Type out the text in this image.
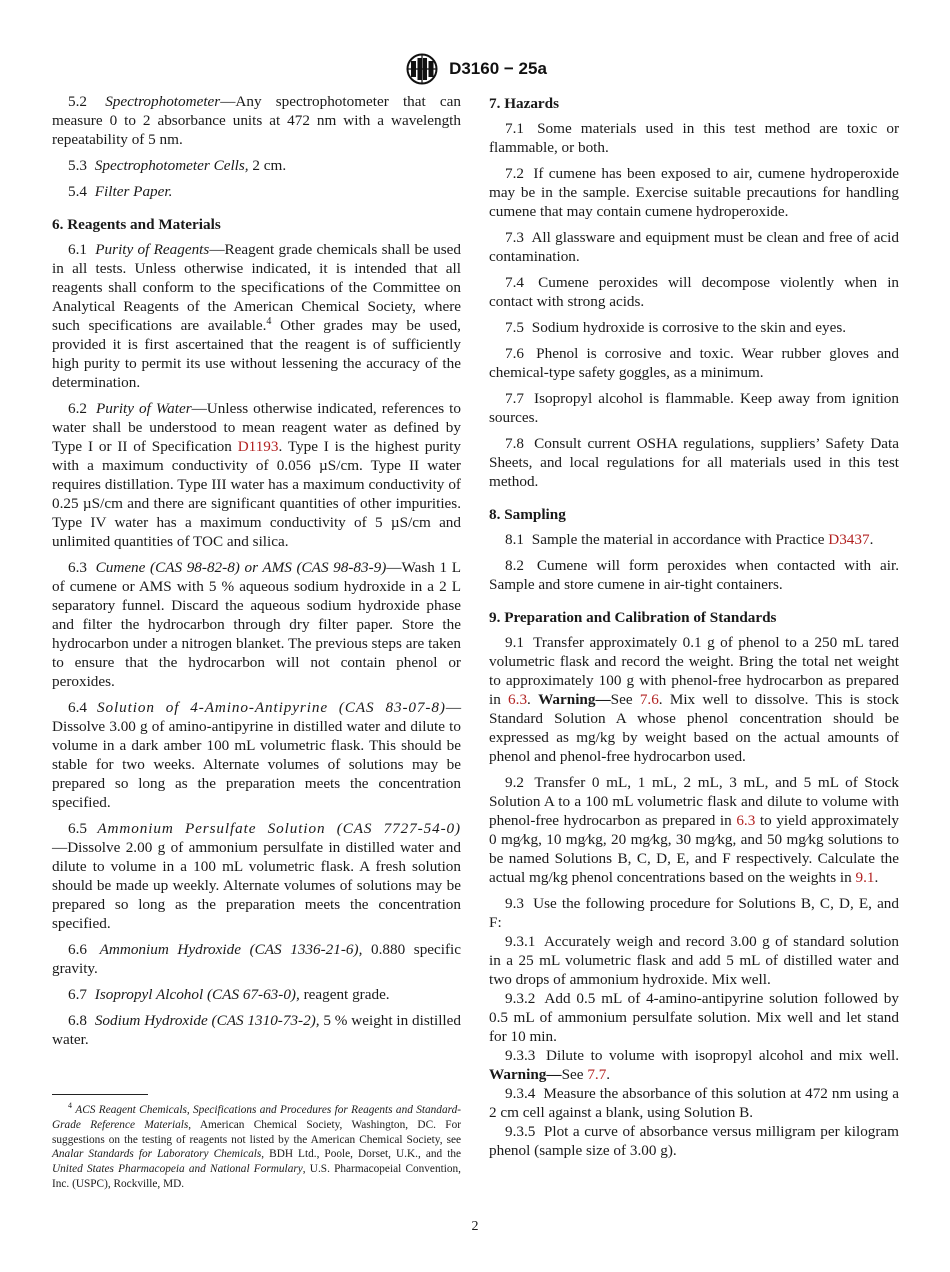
D3160 − 25a

5.2 Spectrophotometer—Any spectrophotometer that can measure 0 to 2 absorbance units at 472 nm with a wavelength repeatability of 5 nm.

5.3 Spectrophotometer Cells, 2 cm.

5.4 Filter Paper.

6. Reagents and Materials

6.1 Purity of Reagents—Reagent grade chemicals shall be used in all tests. Unless otherwise indicated, it is intended that all reagents shall conform to the specifications of the Committee on Analytical Reagents of the American Chemical Society, where such specifications are available.$^4$ Other grades may be used, provided it is first ascertained that the reagent is of sufficiently high purity to permit its use without lessening the accuracy of the determination.

6.2 Purity of Water—Unless otherwise indicated, references to water shall be understood to mean reagent water as defined by Type I or II of Specification D1193. Type I is the highest purity with a maximum conductivity of 0.056 µS/cm. Type II water requires distillation. Type III water has a maximum conductivity of 0.25 µS/cm and there are significant quantities of other impurities. Type IV water has a maximum conductivity of 5 µS/cm and unlimited quantities of TOC and silica.

6.3 Cumene (CAS 98-82-8) or AMS (CAS 98-83-9)—Wash 1 L of cumene or AMS with 5 % aqueous sodium hydroxide in a 2 L separatory funnel. Discard the aqueous sodium hydroxide phase and filter the hydrocarbon through dry filter paper. Store the hydrocarbon under a nitrogen blanket. The previous steps are taken to ensure that the hydrocarbon will not contain phenol or peroxides.

6.4 Solution of 4-Amino-Antipyrine (CAS 83-07-8)—Dissolve 3.00 g of amino-antipyrine in distilled water and dilute to volume in a dark amber 100 mL volumetric flask. This should be stable for two weeks. Alternate volumes of solutions may be prepared so long as the preparation meets the concentration specified.

6.5 Ammonium Persulfate Solution (CAS 7727-54-0)—Dissolve 2.00 g of ammonium persulfate in distilled water and dilute to volume in a 100 mL volumetric flask. A fresh solution should be made up weekly. Alternate volumes of solutions may be prepared so long as the preparation meets the concentration specified.

6.6 Ammonium Hydroxide (CAS 1336-21-6), 0.880 specific gravity.

6.7 Isopropyl Alcohol (CAS 67-63-0), reagent grade.

6.8 Sodium Hydroxide (CAS 1310-73-2), 5 % weight in distilled water.

$^4$ ACS Reagent Chemicals, Specifications and Procedures for Reagents and Standard-Grade Reference Materials, American Chemical Society, Washington, DC. For suggestions on the testing of reagents not listed by the American Chemical Society, see Analar Standards for Laboratory Chemicals, BDH Ltd., Poole, Dorset, U.K., and the United States Pharmacopeia and National Formulary, U.S. Pharmacopeial Convention, Inc. (USPC), Rockville, MD.

7. Hazards

7.1 Some materials used in this test method are toxic or flammable, or both.

7.2 If cumene has been exposed to air, cumene hydroperoxide may be in the sample. Exercise suitable precautions for handling cumene that may contain cumene hydroperoxide.

7.3 All glassware and equipment must be clean and free of acid contamination.

7.4 Cumene peroxides will decompose violently when in contact with strong acids.

7.5 Sodium hydroxide is corrosive to the skin and eyes.

7.6 Phenol is corrosive and toxic. Wear rubber gloves and chemical-type safety goggles, as a minimum.

7.7 Isopropyl alcohol is flammable. Keep away from ignition sources.

7.8 Consult current OSHA regulations, suppliers’ Safety Data Sheets, and local regulations for all materials used in this test method.

8. Sampling

8.1 Sample the material in accordance with Practice D3437.

8.2 Cumene will form peroxides when contacted with air. Sample and store cumene in air-tight containers.

9. Preparation and Calibration of Standards

9.1 Transfer approximately 0.1 g of phenol to a 250 mL tared volumetric flask and record the weight. Bring the total net weight to approximately 100 g with phenol-free hydrocarbon as prepared in 6.3. Warning—See 7.6. Mix well to dissolve. This is stock Standard Solution A whose phenol concentration should be expressed as mg/kg by weight based on the actual amounts of phenol and phenol-free hydrocarbon used.

9.2 Transfer 0 mL, 1 mL, 2 mL, 3 mL, and 5 mL of Stock Solution A to a 100 mL volumetric flask and dilute to volume with phenol-free hydrocarbon as prepared in 6.3 to yield approximately 0 mg⁄kg, 10 mg⁄kg, 20 mg⁄kg, 30 mg⁄kg, and 50 mg⁄kg solutions to be named Solutions B, C, D, E, and F respectively. Calculate the actual mg/kg phenol concentrations based on the weights in 9.1.

9.3 Use the following procedure for Solutions B, C, D, E, and F:

9.3.1 Accurately weigh and record 3.00 g of standard solution in a 25 mL volumetric flask and add 5 mL of distilled water and two drops of ammonium hydroxide. Mix well.

9.3.2 Add 0.5 mL of 4-amino-antipyrine solution followed by 0.5 mL of ammonium persulfate solution. Mix well and let stand for 10 min.

9.3.3 Dilute to volume with isopropyl alcohol and mix well. Warning—See 7.7.

9.3.4 Measure the absorbance of this solution at 472 nm using a 2 cm cell against a blank, using Solution B.

9.3.5 Plot a curve of absorbance versus milligram per kilogram phenol (sample size of 3.00 g).

2
